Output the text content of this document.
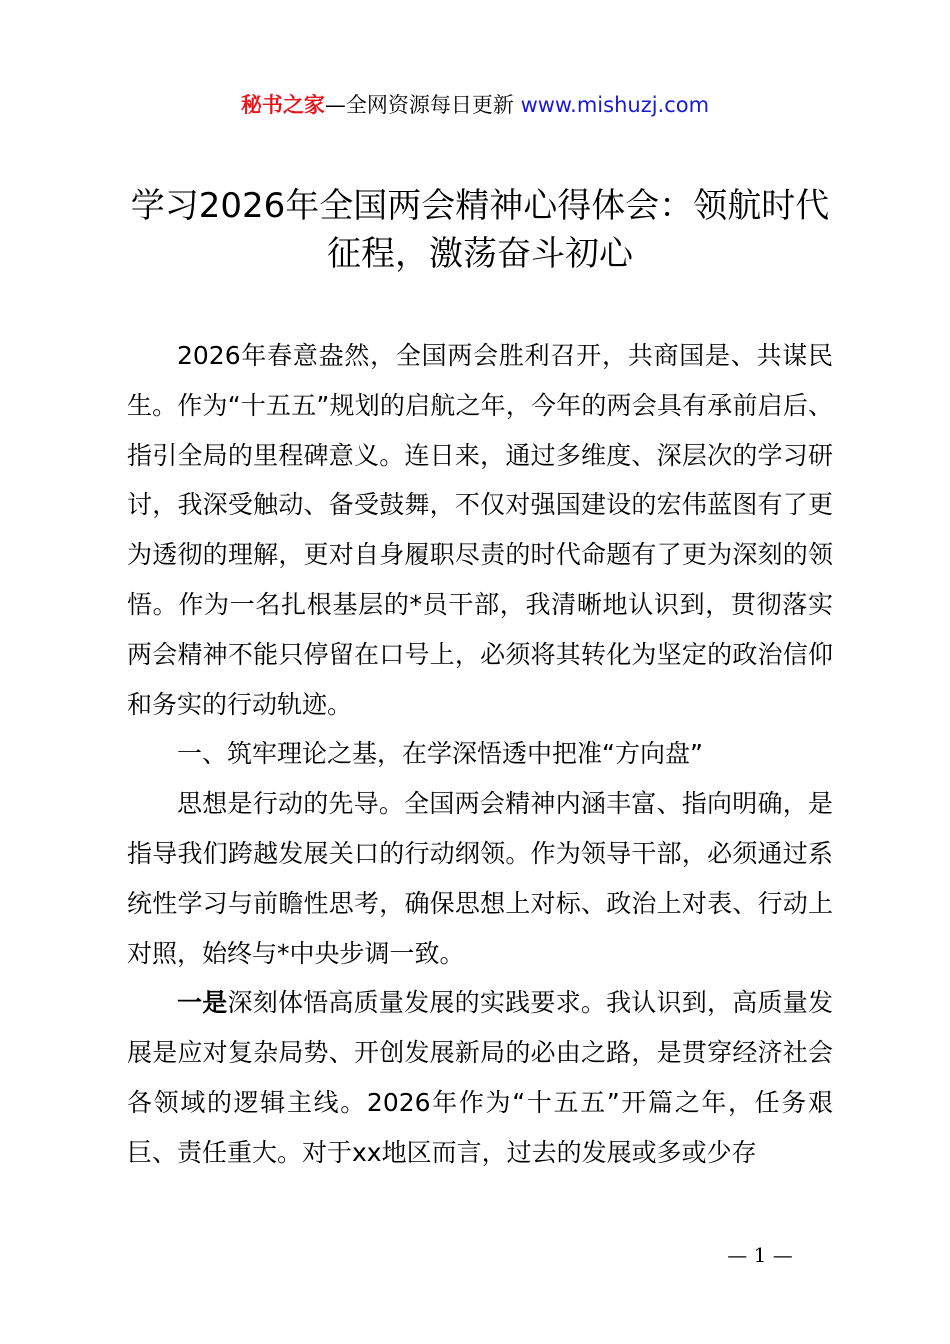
秘书之家—全网资源每日更新 www.mishuzj.com
学习2026年全国两会精神心得体会：领航时代征程，激荡奋斗初心

2026年春意盎然，全国两会胜利召开，共商国是、共谋民生。作为“十五五”规划的启航之年，今年的两会具有承前启后、指引全局的里程碑意义。连日来，通过多维度、深层次的学习研讨，我深受触动、备受鼓舞，不仅对强国建设的宏伟蓝图有了更为透彻的理解，更对自身履职尽责的时代命题有了更为深刻的领悟。作为一名扎根基层的*员干部，我清晰地认识到，贯彻落实两会精神不能只停留在口号上，必须将其转化为坚定的政治信仰和务实的行动轨迹。

一、筑牢理论之基，在学深悟透中把准“方向盘”

思想是行动的先导。全国两会精神内涵丰富、指向明确，是指导我们跨越发展关口的行动纲领。作为领导干部，必须通过系统性学习与前瞻性思考，确保思想上对标、政治上对表、行动上对照，始终与*中央步调一致。

一是深刻体悟高质量发展的实践要求。我认识到，高质量发展是应对复杂局势、开创发展新局的必由之路，是贯穿经济社会各领域的逻辑主线。2026年作为“十五五”开篇之年，任务艰巨、责任重大。对于xx地区而言，过去的发展或多或少存

— 1 —
